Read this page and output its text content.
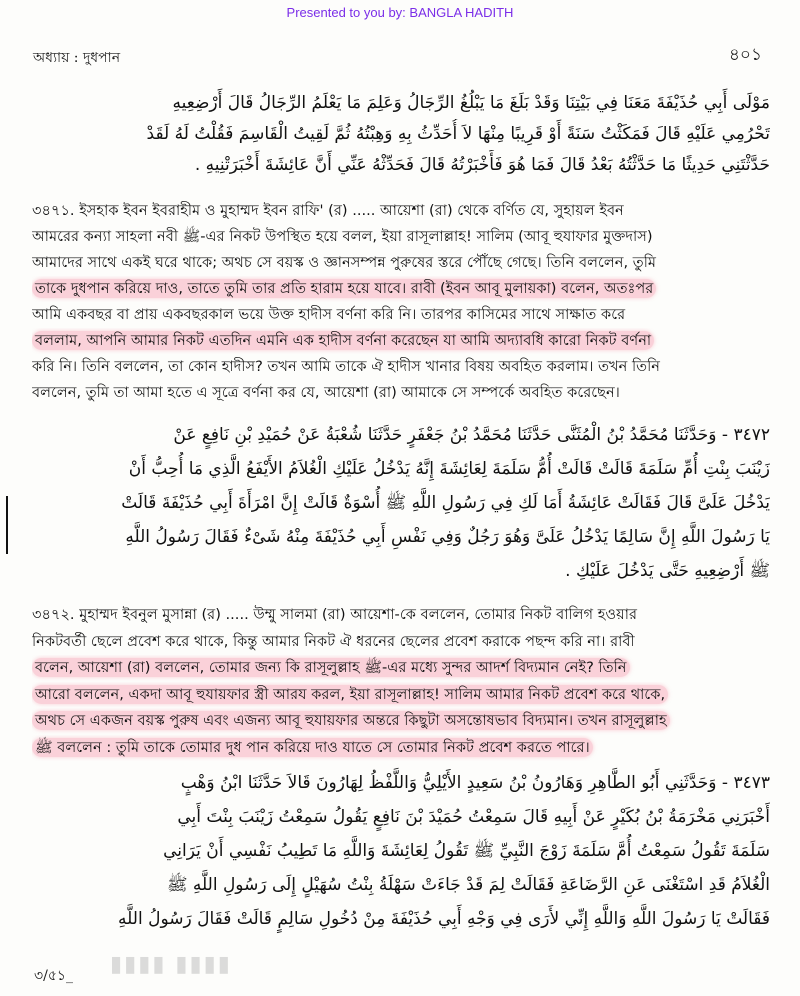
Presented to you by: BANGLA HADITH
অধ্যায় : দুধপান	৪০১
مَوْلَى أَبِي حُذَيْفَةَ مَعَنَا فِي بَيْتِنَا وَقَدْ بَلَغَ مَا يَبْلُغُ الرِّجَالُ وَعَلِمَ مَا يَعْلَمُ الرِّجَالُ قَالَ أَرْضِعِيهِ
تَحْرُمِي عَلَيْهِ قَالَ فَمَكَثْتُ سَنَةً أَوْ قَرِيبًا مِنْهَا لاَ أُحَدِّثُ بِهِ وَهِبْتُهُ ثُمَّ لَقِيتُ الْقَاسِمَ فَقُلْتُ لَهُ لَقَدْ
حَدَّثْتَنِي حَدِيثًا مَا حَدَّثْتُهُ بَعْدُ قَالَ فَمَا هُوَ فَأَخْبَرْتُهُ قَالَ فَحَدِّثْهُ عَنِّي أَنَّ عَائِشَةَ أَخْبَرَتْنِيهِ .
৩৪৭১. ইসহাক ইবন ইবরাহীম ও মুহাম্মদ ইবন রাফি' (র) ..... আয়েশা (রা) থেকে বর্ণিত যে, সুহায়ল ইবন
আমরের কন্যা সাহলা নবী ﷺ-এর নিকট উপস্থিত হয়ে বলল, ইয়া রাসূলাল্লাহ! সালিম (আবূ হুযাফার মুক্তদাস)
আমাদের সাথে একই ঘরে থাকে; অথচ সে বয়স্ক ও জ্ঞানসম্পন্ন পুরুষের স্তরে পৌঁছে গেছে। তিনি বললেন, তুমি
তাকে দুধপান করিয়ে দাও, তাতে তুমি তার প্রতি হারাম হয়ে যাবে। রাবী (ইবন আবূ মুলায়কা) বলেন, অতঃপর
আমি একবছর বা প্রায় একবছরকাল ভয়ে উক্ত হাদীস বর্ণনা করি নি। তারপর কাসিমের সাথে সাক্ষাত করে
বললাম, আপনি আমার নিকট এতদিন এমনি এক হাদীস বর্ণনা করেছেন যা আমি অদ্যাবধি কারো নিকট বর্ণনা
করি নি। তিনি বললেন, তা কোন হাদীস? তখন আমি তাকে ঐ হাদীস খানার বিষয় অবহিত করলাম। তখন তিনি
বললেন, তুমি তা আমা হতে এ সূত্রে বর্ণনা কর যে, আয়েশা (রা) আমাকে সে সম্পর্কে অবহিত করেছেন।
٣٤٧٢ - وَحَدَّثَنَا مُحَمَّدُ بْنُ الْمُثَنَّى حَدَّثَنَا مُحَمَّدُ بْنُ جَعْفَرٍ حَدَّثَنَا شُعْبَةُ عَنْ حُمَيْدِ بْنِ نَافِعٍ عَنْ
زَيْنَبَ بِنْتِ أُمِّ سَلَمَةَ قَالَتْ قَالَتْ أُمُّ سَلَمَةَ لِعَائِشَةَ إِنَّهُ يَدْخُلُ عَلَيْكِ الْغُلاَمُ الأَيْفَعُ الَّذِي مَا أُحِبُّ أَنْ
يَدْخُلَ عَلَىَّ قَالَ فَقَالَتْ عَائِشَةُ أَمَا لَكِ فِي رَسُولِ اللَّهِ ﷺ أُسْوَةٌ قَالَتْ إِنَّ امْرَأَةَ أَبِي حُذَيْفَةَ قَالَتْ
يَا رَسُولَ اللَّهِ إِنَّ سَالِمًا يَدْخُلُ عَلَىَّ وَهُوَ رَجُلٌ وَفِي نَفْسِ أَبِي حُذَيْفَةَ مِنْهُ شَىْءٌ فَقَالَ رَسُولُ اللَّهِ
ﷺ أَرْضِعِيهِ حَتَّى يَدْخُلَ عَلَيْكِ .
৩৪৭২. মুহাম্মদ ইবনুল মুসান্না (র) ..... উম্মু সালমা (রা) আয়েশা-কে বললেন, তোমার নিকট বালিগ হওয়ার
নিকটবর্তী ছেলে প্রবেশ করে থাকে, কিন্তু আমার নিকট ঐ ধরনের ছেলের প্রবেশ করাকে পছন্দ করি না। রাবী
বলেন, আয়েশা (রা) বললেন, তোমার জন্য কি রাসূলুল্লাহ ﷺ-এর মধ্যে সুন্দর আদর্শ বিদ্যমান নেই? তিনি
আরো বললেন, একদা আবূ হুযায়ফার স্ত্রী আরয করল, ইয়া রাসূলাল্লাহ! সালিম আমার নিকট প্রবেশ করে থাকে,
অথচ সে একজন বয়স্ক পুরুষ এবং এজন্য আবূ হুযায়ফার অন্তরে কিছুটা অসন্তোষভাব বিদ্যমান। তখন রাসূলুল্লাহ
ﷺ বললেন : তুমি তাকে তোমার দুধ পান করিয়ে দাও যাতে সে তোমার নিকট প্রবেশ করতে পারে।
٣٤٧٣ - وَحَدَّثَنِي أَبُو الطَّاهِرِ وَهَارُونُ بْنُ سَعِيدٍ الأَيْلِيُّ وَاللَّفْظُ لِهَارُونَ قَالاَ حَدَّثَنَا ابْنُ وَهْبٍ
أَخْبَرَنِي مَخْرَمَةُ بْنُ بُكَيْرٍ عَنْ أَبِيهِ قَالَ سَمِعْتُ حُمَيْدَ بْنَ نَافِعٍ يَقُولُ سَمِعْتُ زَيْنَبَ بِنْتَ أَبِي
سَلَمَةَ تَقُولُ سَمِعْتُ أُمَّ سَلَمَةَ زَوْجَ النَّبِيِّ ﷺ تَقُولُ لِعَائِشَةَ وَاللَّهِ مَا تَطِيبُ نَفْسِي أَنْ يَرَانِي
الْغُلاَمُ قَدِ اسْتَغْنَى عَنِ الرَّضَاعَةِ فَقَالَتْ لِمَ قَدْ جَاءَتْ سَهْلَةُ بِنْتُ سُهَيْلٍ إِلَى رَسُولِ اللَّهِ ﷺ
فَقَالَتْ يَا رَسُولَ اللَّهِ وَاللَّهِ إِنِّي لأَرَى فِي وَجْهِ أَبِي حُذَيْفَةَ مِنْ دُخُولِ سَالِمٍ قَالَتْ فَقَالَ رَسُولُ اللَّهِ
▮▮▮▮ ▮▮▮▮
৩/৫১_
